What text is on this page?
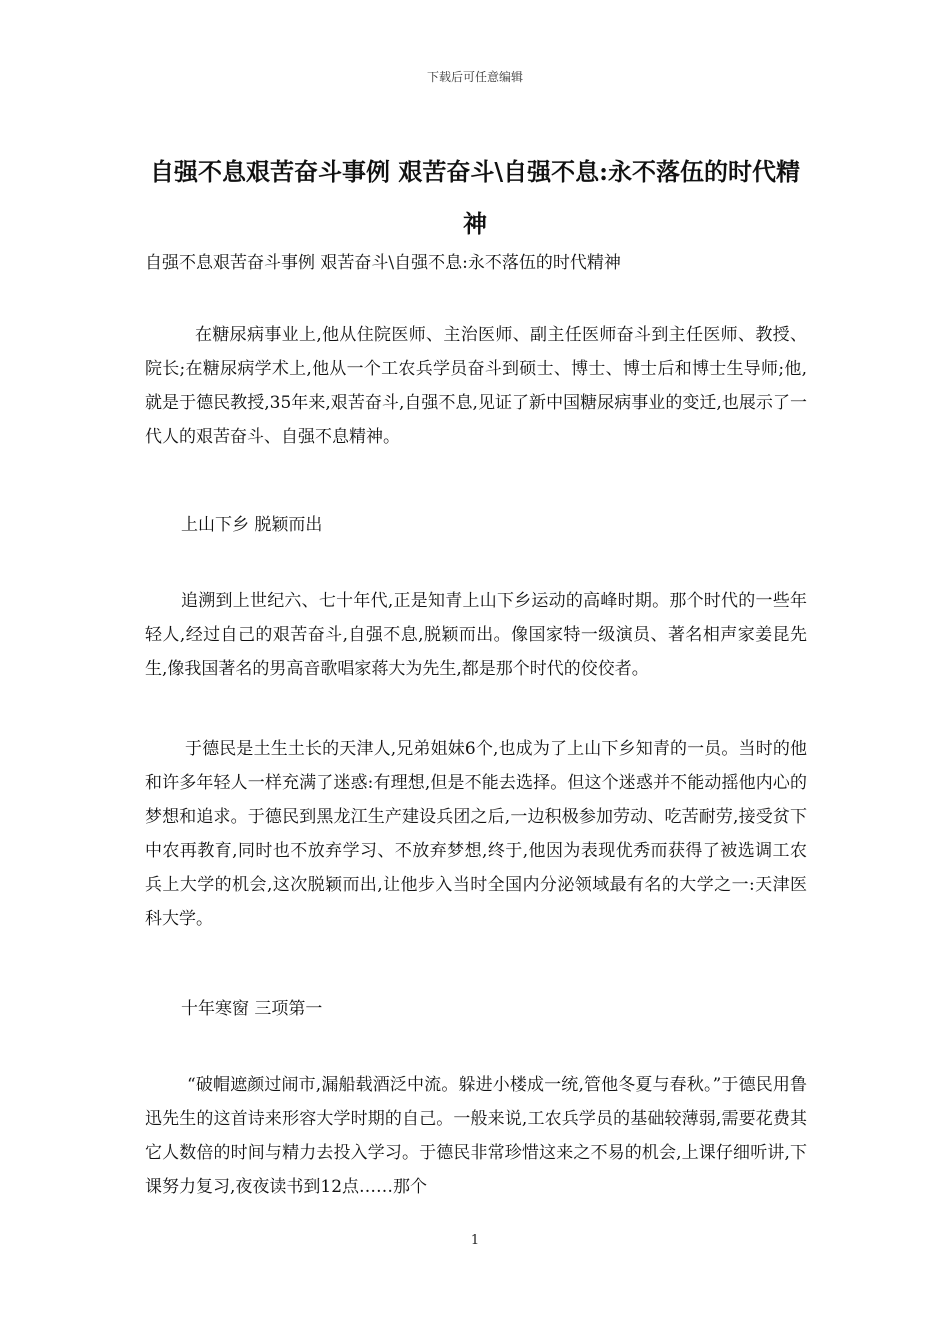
下载后可任意编辑
自强不息艰苦奋斗事例 艰苦奋斗\自强不息:永不落伍的时代精神

自强不息艰苦奋斗事例 艰苦奋斗\自强不息:永不落伍的时代精神

在糖尿病事业上,他从住院医师、主治医师、副主任医师奋斗到主任医师、教授、院长;在糖尿病学术上,他从一个工农兵学员奋斗到硕士、博士、博士后和博士生导师;他,就是于德民教授,35年来,艰苦奋斗,自强不息,见证了新中国糖尿病事业的变迁,也展示了一代人的艰苦奋斗、自强不息精神。

上山下乡 脱颖而出

追溯到上世纪六、七十年代,正是知青上山下乡运动的高峰时期。那个时代的一些年轻人,经过自己的艰苦奋斗,自强不息,脱颖而出。像国家特一级演员、著名相声家姜昆先生,像我国著名的男高音歌唱家蒋大为先生,都是那个时代的佼佼者。

于德民是土生土长的天津人,兄弟姐妹6个,也成为了上山下乡知青的一员。当时的他和许多年轻人一样充满了迷惑:有理想,但是不能去选择。但这个迷惑并不能动摇他内心的梦想和追求。于德民到黑龙江生产建设兵团之后,一边积极参加劳动、吃苦耐劳,接受贫下中农再教育,同时也不放弃学习、不放弃梦想,终于,他因为表现优秀而获得了被选调工农兵上大学的机会,这次脱颖而出,让他步入当时全国内分泌领域最有名的大学之一:天津医科大学。

十年寒窗 三项第一

“破帽遮颜过闹市,漏船载酒泛中流。躲进小楼成一统,管他冬夏与春秋。”于德民用鲁迅先生的这首诗来形容大学时期的自己。一般来说,工农兵学员的基础较薄弱,需要花费其它人数倍的时间与精力去投入学习。于德民非常珍惜这来之不易的机会,上课仔细听讲,下课努力复习,夜夜读书到12点……那个

1
